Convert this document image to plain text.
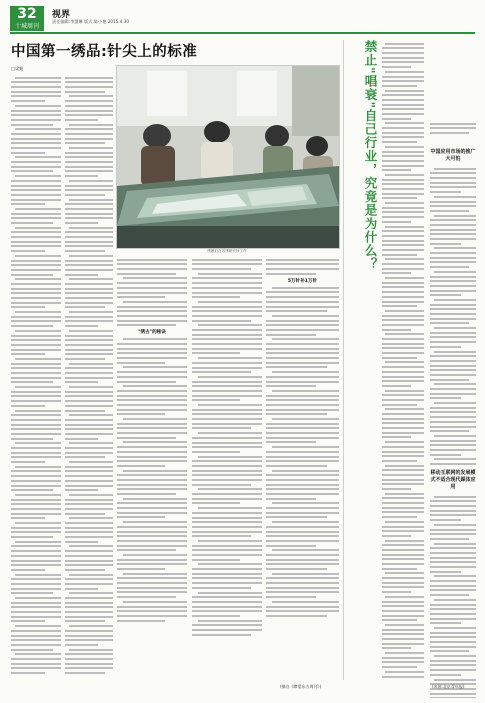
32
十城周刊
视界
责任编辑:李慧琳 版式:陈小艳 2015.4.30
中国第一绣品:针尖上的标准
□梁魁
绣娘们在苏绣研究所工作
"绣古"的秘诀
5万针补1万针
(摘自《瞭望东方周刊》)
禁止"唱衰"自己行业，究竟是为什么？	中国应用市场的推广大可怕
移动互联网的发展模式不适合现代媒体应用
(来源:北京青年报)
